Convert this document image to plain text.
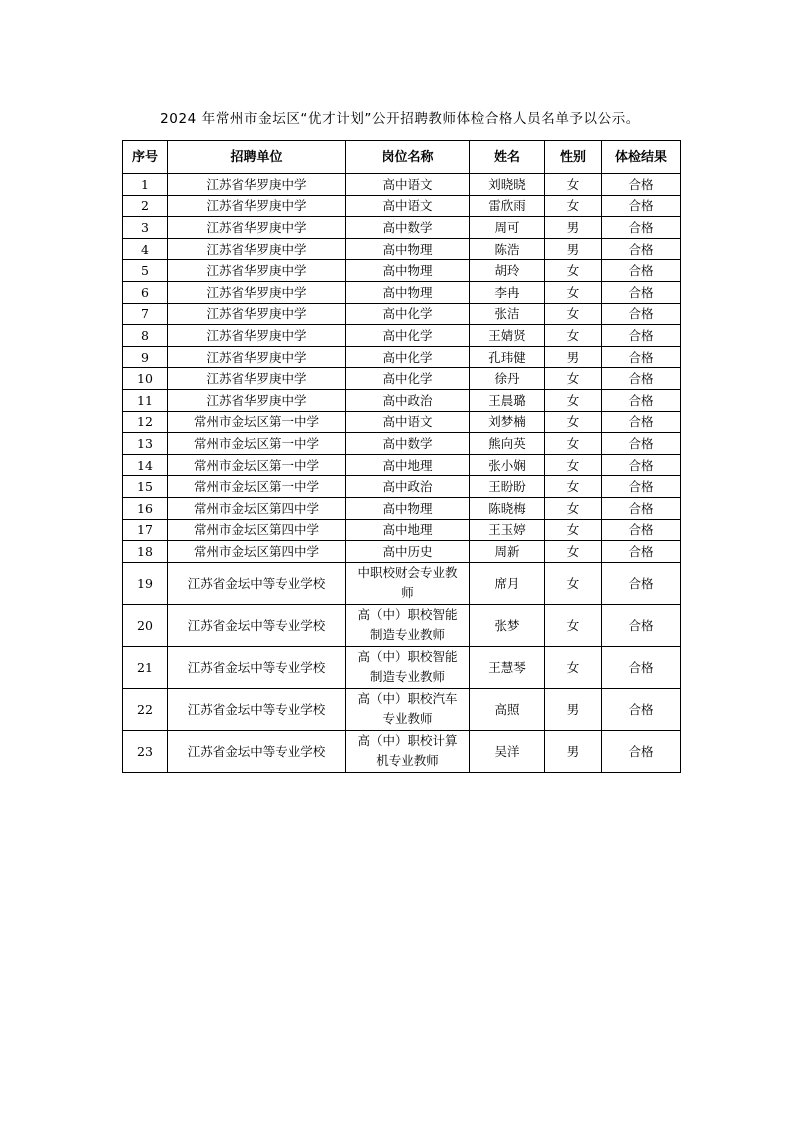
2024 年常州市金坛区“优才计划”公开招聘教师体检合格人员名单予以公示。
序号	招聘单位	岗位名称	姓名	性别	体检结果
1	江苏省华罗庚中学	高中语文	刘晓晓	女	合格
2	江苏省华罗庚中学	高中语文	雷欣雨	女	合格
3	江苏省华罗庚中学	高中数学	周可	男	合格
4	江苏省华罗庚中学	高中物理	陈浩	男	合格
5	江苏省华罗庚中学	高中物理	胡玲	女	合格
6	江苏省华罗庚中学	高中物理	李冉	女	合格
7	江苏省华罗庚中学	高中化学	张洁	女	合格
8	江苏省华罗庚中学	高中化学	王婧贤	女	合格
9	江苏省华罗庚中学	高中化学	孔玮健	男	合格
10	江苏省华罗庚中学	高中化学	徐丹	女	合格
11	江苏省华罗庚中学	高中政治	王晨璐	女	合格
12	常州市金坛区第一中学	高中语文	刘梦楠	女	合格
13	常州市金坛区第一中学	高中数学	熊向英	女	合格
14	常州市金坛区第一中学	高中地理	张小娴	女	合格
15	常州市金坛区第一中学	高中政治	王盼盼	女	合格
16	常州市金坛区第四中学	高中物理	陈晓梅	女	合格
17	常州市金坛区第四中学	高中地理	王玉婷	女	合格
18	常州市金坛区第四中学	高中历史	周新	女	合格
19	江苏省金坛中等专业学校	中职校财会专业教师	席月	女	合格
20	江苏省金坛中等专业学校	高（中）职校智能制造专业教师	张梦	女	合格
21	江苏省金坛中等专业学校	高（中）职校智能制造专业教师	王慧琴	女	合格
22	江苏省金坛中等专业学校	高（中）职校汽车专业教师	高照	男	合格
23	江苏省金坛中等专业学校	高（中）职校计算机专业教师	吴洋	男	合格
